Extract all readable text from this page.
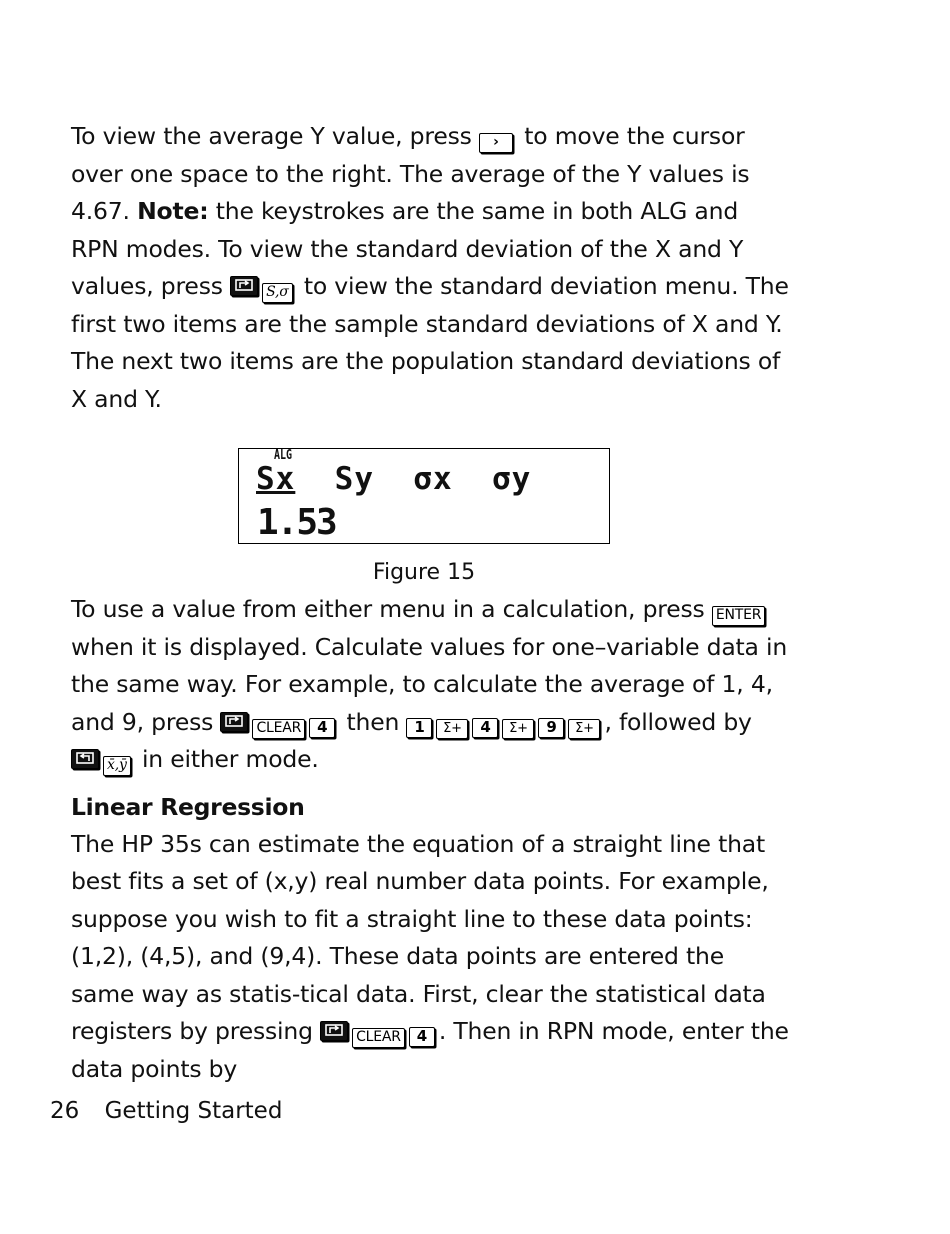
To view the average Y value, press › to move the cursor over one space to the right. The average of the Y values is 4.67. Note: the keystrokes are the same in both ALG and RPN modes. To view the standard deviation of the X and Y values, press	S,σ to view the standard deviation menu. The first two items are the sample standard deviations of X and Y. The next two items are the population standard deviations of X and Y.

ALG
Sx  Sy  σx  σy
1.53
Figure 15

To use a value from either menu in a calculation, press ENTER when it is displayed. Calculate values for one–variable data in the same way. For example, to calculate the average of 1, 4, and 9, press	CLEAR 4 then 1 Σ+ 4 Σ+ 9 Σ+ , followed by
x̄,ȳ in either mode.

Linear Regression

The HP 35s can estimate the equation of a straight line that best fits a set of (x,y) real number data points. For example, suppose you wish to fit a straight line to these data points: (1,2), (4,5), and (9,4). These data points are entered the same way as statis-tical data. First, clear the statistical data registers by pressing	CLEAR 4 . Then in RPN mode, enter the data points by

26 Getting Started
